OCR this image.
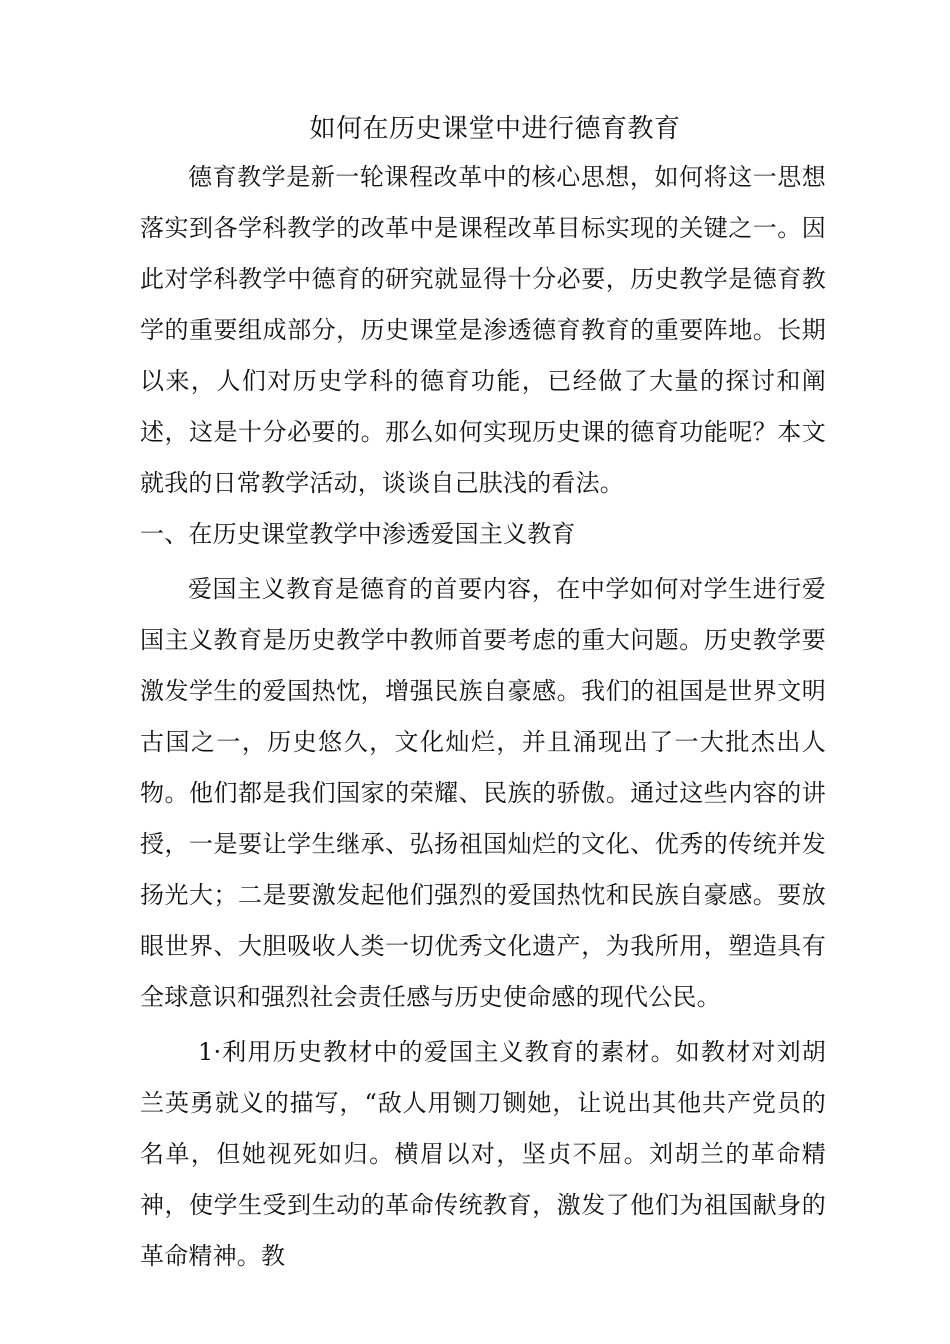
如何在历史课堂中进行德育教育

德育教学是新一轮课程改革中的核心思想，如何将这一思想落实到各学科教学的改革中是课程改革目标实现的关键之一。因此对学科教学中德育的研究就显得十分必要，历史教学是德育教学的重要组成部分，历史课堂是渗透德育教育的重要阵地。长期以来，人们对历史学科的德育功能，已经做了大量的探讨和阐述，这是十分必要的。那么如何实现历史课的德育功能呢？本文就我的日常教学活动，谈谈自己肤浅的看法。

一、在历史课堂教学中渗透爱国主义教育

爱国主义教育是德育的首要内容，在中学如何对学生进行爱国主义教育是历史教学中教师首要考虑的重大问题。历史教学要激发学生的爱国热忱，增强民族自豪感。我们的祖国是世界文明古国之一，历史悠久，文化灿烂，并且涌现出了一大批杰出人物。他们都是我们国家的荣耀、民族的骄傲。通过这些内容的讲授，一是要让学生继承、弘扬祖国灿烂的文化、优秀的传统并发扬光大；二是要激发起他们强烈的爱国热忱和民族自豪感。要放眼世界、大胆吸收人类一切优秀文化遗产，为我所用，塑造具有全球意识和强烈社会责任感与历史使命感的现代公民。

1·利用历史教材中的爱国主义教育的素材。如教材对刘胡兰英勇就义的描写，“敌人用铡刀铡她，让说出其他共产党员的名单，但她视死如归。横眉以对，坚贞不屈。刘胡兰的革命精神，使学生受到生动的革命传统教育，激发了他们为祖国献身的革命精神。教
